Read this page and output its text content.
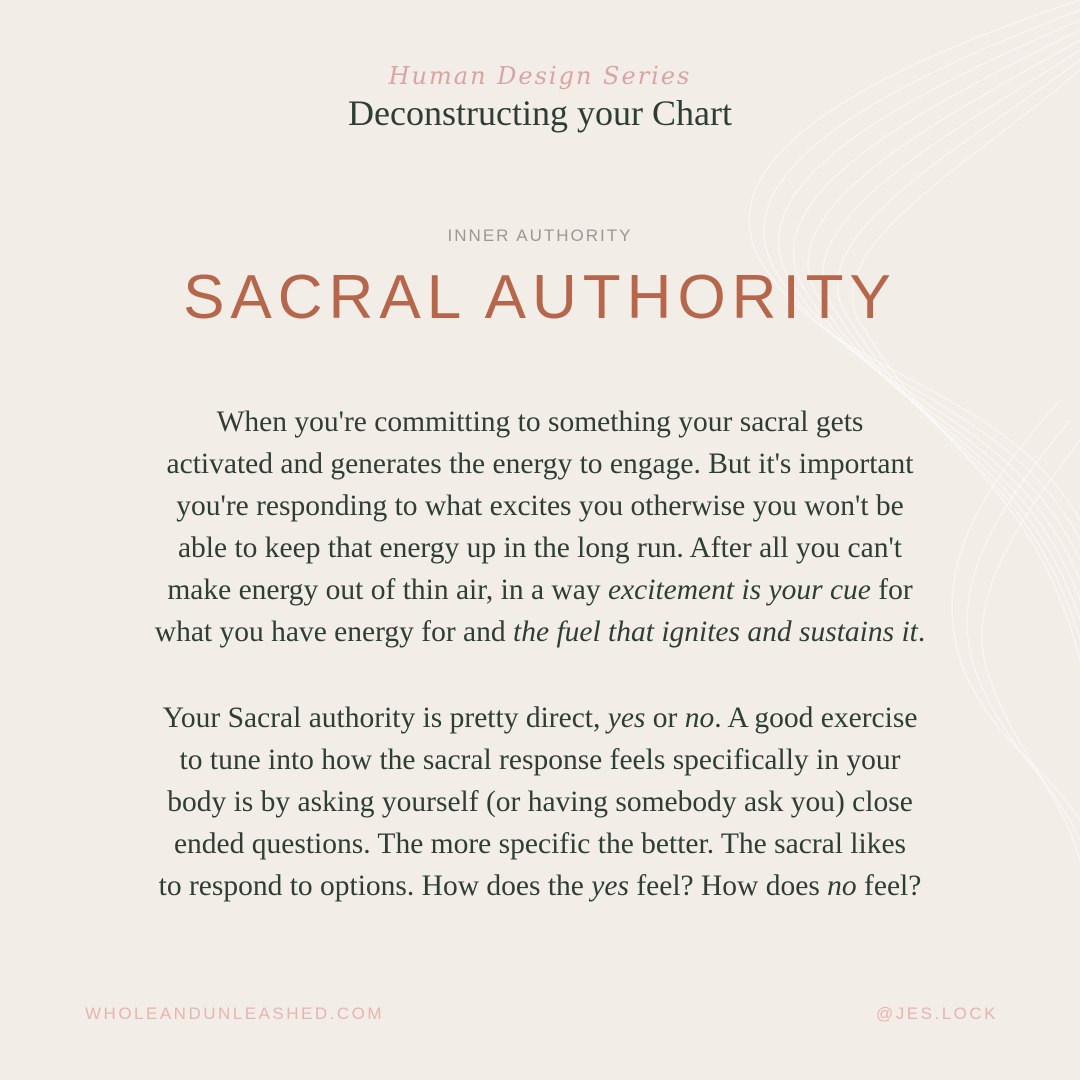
Human Design Series
Deconstructing your Chart
INNER AUTHORITY
SACRAL AUTHORITY
When you're committing to something your sacral gets
activated and generates the energy to engage. But it's important
you're responding to what excites you otherwise you won't be
able to keep that energy up in the long run. After all you can't
make energy out of thin air, in a way excitement is your cue for
what you have energy for and the fuel that ignites and sustains it.
Your Sacral authority is pretty direct, yes or no. A good exercise
to tune into how the sacral response feels specifically in your
body is by asking yourself (or having somebody ask you) close
ended questions. The more specific the better. The sacral likes
to respond to options. How does the yes feel? How does no feel?
WHOLEANDUNLEASHED.COM	@JES.LOCK
